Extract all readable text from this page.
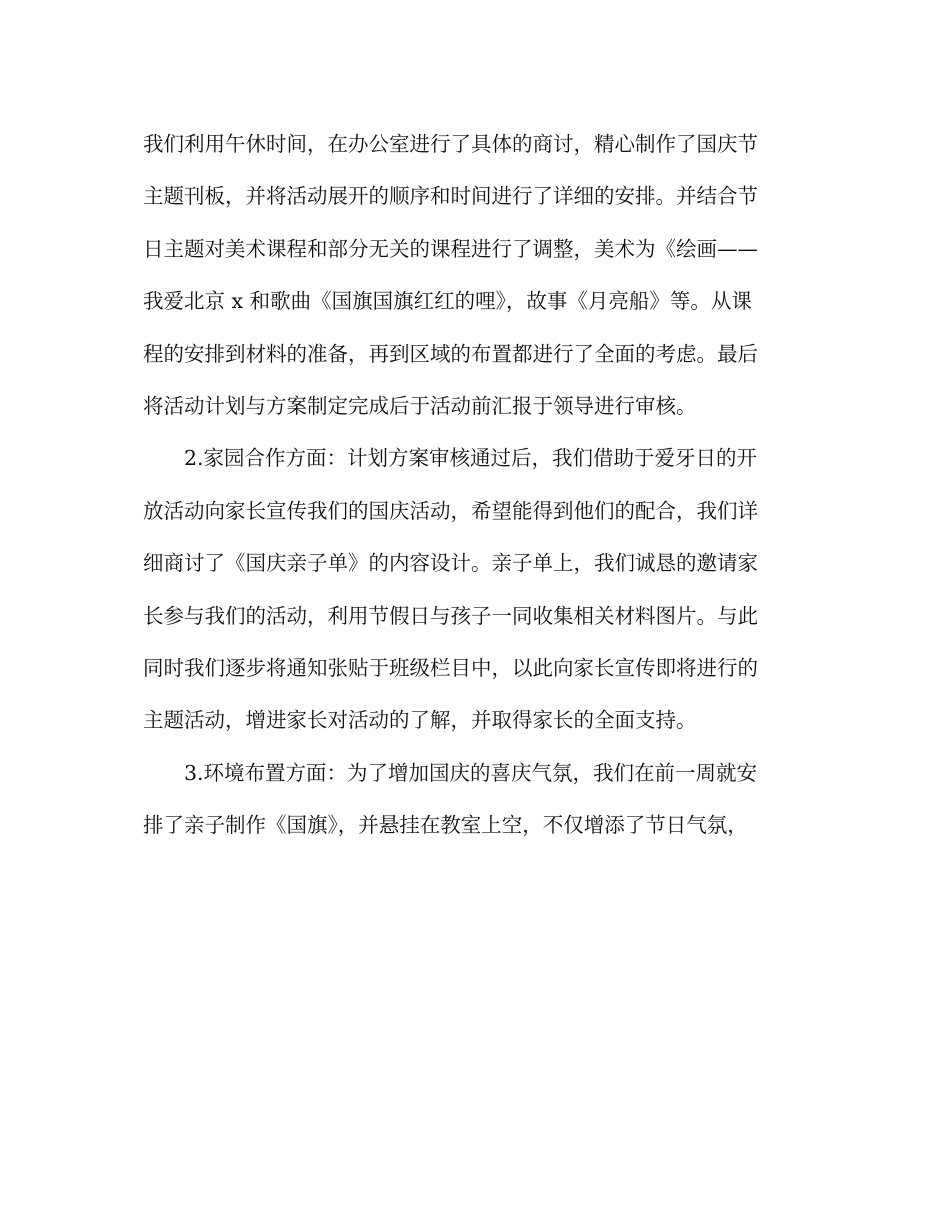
我们利用午休时间，在办公室进行了具体的商讨，精心制作了国庆节
主题刊板，并将活动展开的顺序和时间进行了详细的安排。并结合节
日主题对美术课程和部分无关的课程进行了调整，美术为《绘画——
我爱北京 x 和歌曲《国旗国旗红红的哩》，故事《月亮船》等。从课
程的安排到材料的准备，再到区域的布置都进行了全面的考虑。最后
将活动计划与方案制定完成后于活动前汇报于领导进行审核。
2.家园合作方面：计划方案审核通过后，我们借助于爱牙日的开
放活动向家长宣传我们的国庆活动，希望能得到他们的配合，我们详
细商讨了《国庆亲子单》的内容设计。亲子单上，我们诚恳的邀请家
长参与我们的活动，利用节假日与孩子一同收集相关材料图片。与此
同时我们逐步将通知张贴于班级栏目中，以此向家长宣传即将进行的
主题活动，增进家长对活动的了解，并取得家长的全面支持。
3.环境布置方面：为了增加国庆的喜庆气氛，我们在前一周就安
排了亲子制作《国旗》，并悬挂在教室上空，不仅增添了节日气氛，
